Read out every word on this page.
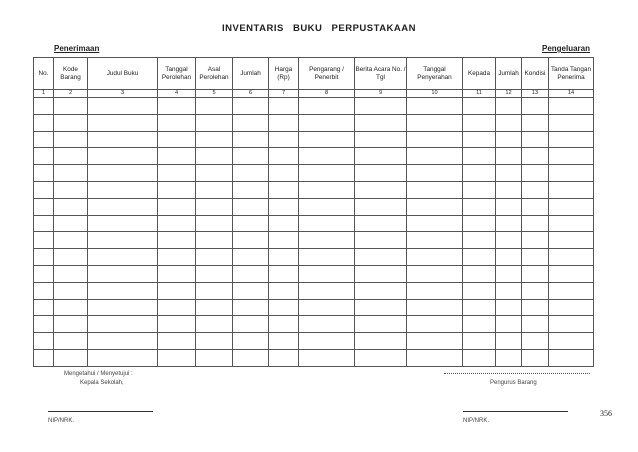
INVENTARIS BUKU PERPUSTAKAAN
Penerimaan	Pengeluaran
No.	Kode Barang	Judul Buku	Tanggal Perolehan	Asal Perolehan	Jumlah	Harga (Rp)	Pengarang / Penerbit	Berita Acara No. / Tgl	Tanggal Penyerahan	Kepada	Jumlah	Kondisi	Tanda Tangan Penerima
1	2	3	4	5	6	7	8	9	10	11	12	13	14

Mengetahui / Menyetujui :
Kepala Sekolah,	Pengurus Barang
NIP/NRK.	NIP/NRK.
356
